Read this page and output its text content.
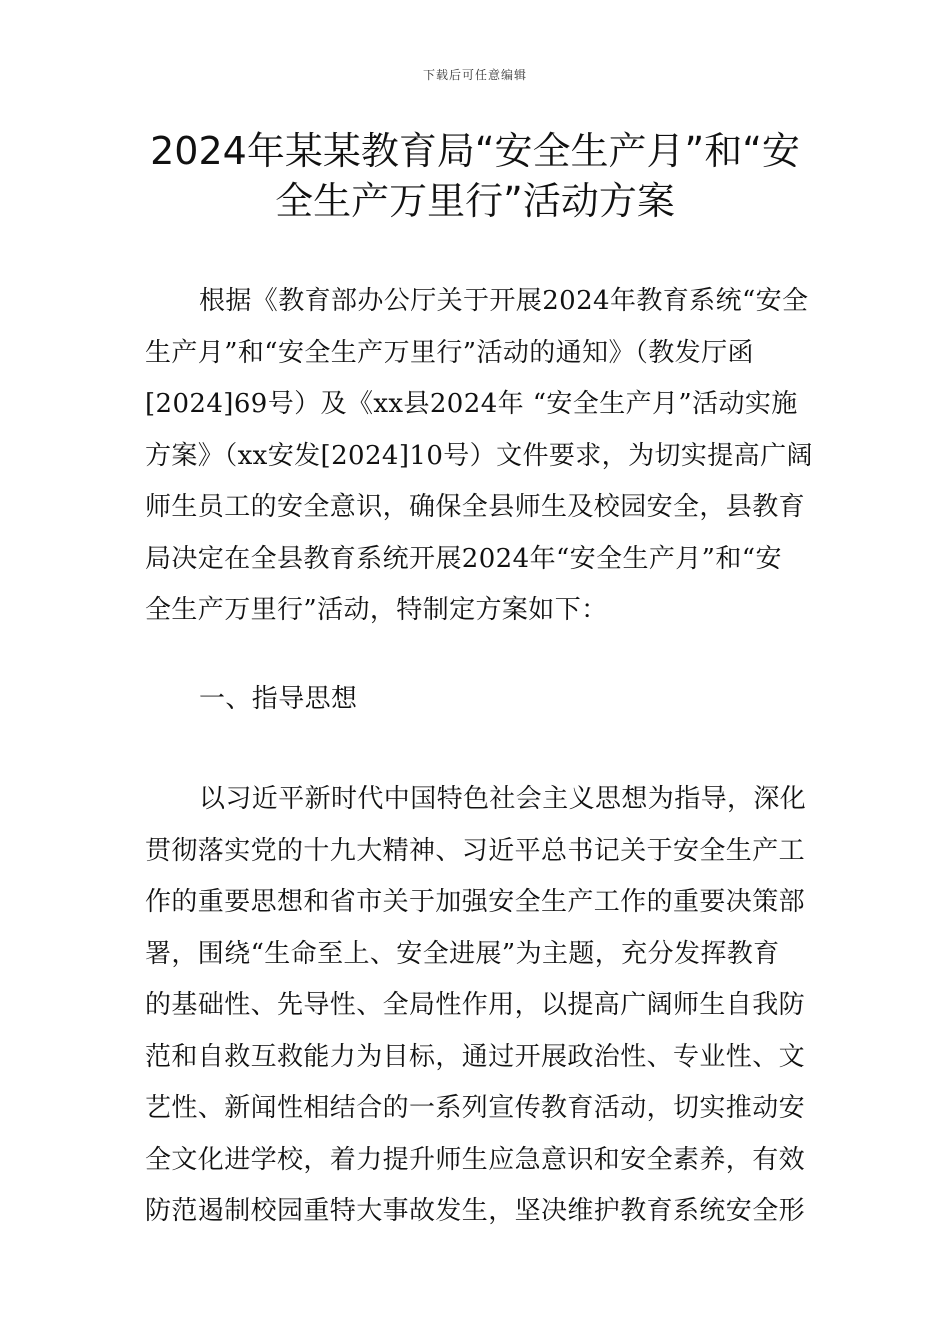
下载后可任意编辑
2024年某某教育局“安全生产月”和“安
全生产万里行”活动方案
根据《教育部办公厅关于开展2024年教育系统“安全
生产月”和“安全生产万里行”活动的通知》（教发厅函
[2024]69号）及《xx县2024年 “安全生产月”活动实施
方案》（xx安发[2024]10号）文件要求，为切实提高广阔
师生员工的安全意识，确保全县师生及校园安全，县教育
局决定在全县教育系统开展2024年“安全生产月”和“安
全生产万里行”活动，特制定方案如下：
一、指导思想
以习近平新时代中国特色社会主义思想为指导，深化
贯彻落实党的十九大精神、习近平总书记关于安全生产工
作的重要思想和省市关于加强安全生产工作的重要决策部
署，围绕“生命至上、安全进展”为主题，充分发挥教育
的基础性、先导性、全局性作用，以提高广阔师生自我防
范和自救互救能力为目标，通过开展政治性、专业性、文
艺性、新闻性相结合的一系列宣传教育活动，切实推动安
全文化进学校，着力提升师生应急意识和安全素养，有效
防范遏制校园重特大事故发生，坚决维护教育系统安全形
